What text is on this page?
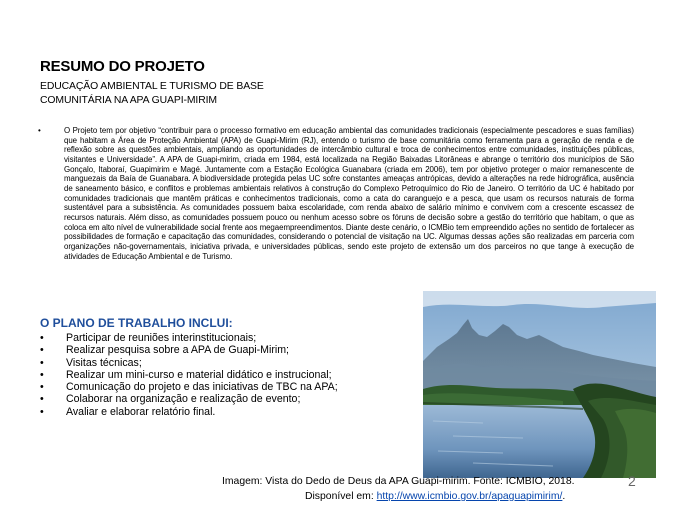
RESUMO DO PROJETO
EDUCAÇÃO AMBIENTAL E TURISMO DE BASE
COMUNITÁRIA NA APA GUAPI-MIRIM
•	O Projeto tem por objetivo “contribuir para o processo formativo em educação ambiental das comunidades tradicionais (especialmente pescadores e suas famílias) que habitam a Área de Proteção Ambiental (APA) de Guapi-Mirim (RJ), entendo o turismo de base comunitária como ferramenta para a geração de renda e de reflexão sobre as questões ambientais, ampliando as oportunidades de intercâmbio cultural e troca de conhecimentos entre comunidades, instituições públicas, visitantes e Universidade”. A APA de Guapi-mirim, criada em 1984, está localizada na Região Baixadas Litorâneas e abrange o território dos municípios de São Gonçalo, Itaboraí, Guapimirim e Magé. Juntamente com a Estação Ecológica Guanabara (criada em 2006), tem por objetivo proteger o maior remanescente de manguezais da Baía de Guanabara. A biodiversidade protegida pelas UC sofre constantes ameaças antrópicas, devido a alterações na rede hidrográfica, ausência de saneamento básico, e conflitos e problemas ambientais relativos à construção do Complexo Petroquímico do Rio de Janeiro. O território da UC é habitado por comunidades tradicionais que mantêm práticas e conhecimentos tradicionais, como a cata do caranguejo e a pesca, que usam os recursos naturais de forma sustentável para a subsistência. As comunidades possuem baixa escolaridade, com renda abaixo de salário mínimo e convivem com a crescente escassez de recursos naturais. Além disso, as comunidades possuem pouco ou nenhum acesso sobre os fóruns de decisão sobre a gestão do território que habitam, o que as coloca em alto nível de vulnerabilidade social frente aos megaempreendimentos. Diante deste cenário, o ICMBio tem empreendido ações no sentido de fortalecer as possibilidades de formação e capacitação das comunidades, considerando o potencial de visitação na UC. Algumas dessas ações são realizadas em parceria com organizações não-governamentais, iniciativa privada, e universidades públicas, sendo este projeto de extensão um dos parceiros no que tange à execução de atividades de Educação Ambiental e de Turismo.
O PLANO DE TRABALHO INCLUI:
• Participar de reuniões interinstitucionais;
• Realizar pesquisa sobre a APA de Guapi-Mirim;
• Visitas técnicas;
• Realizar um mini-curso e material didático e instrucional;
• Comunicação do projeto e das iniciativas de TBC na APA;
• Colaborar na organização e realização de evento;
• Avaliar e elaborar relatório final.
Imagem: Vista do Dedo de Deus da APA Guapi-mirim. Fonte: ICMBIO, 2018.
Disponível em: http://www.icmbio.gov.br/apaguapimirim/.
2
